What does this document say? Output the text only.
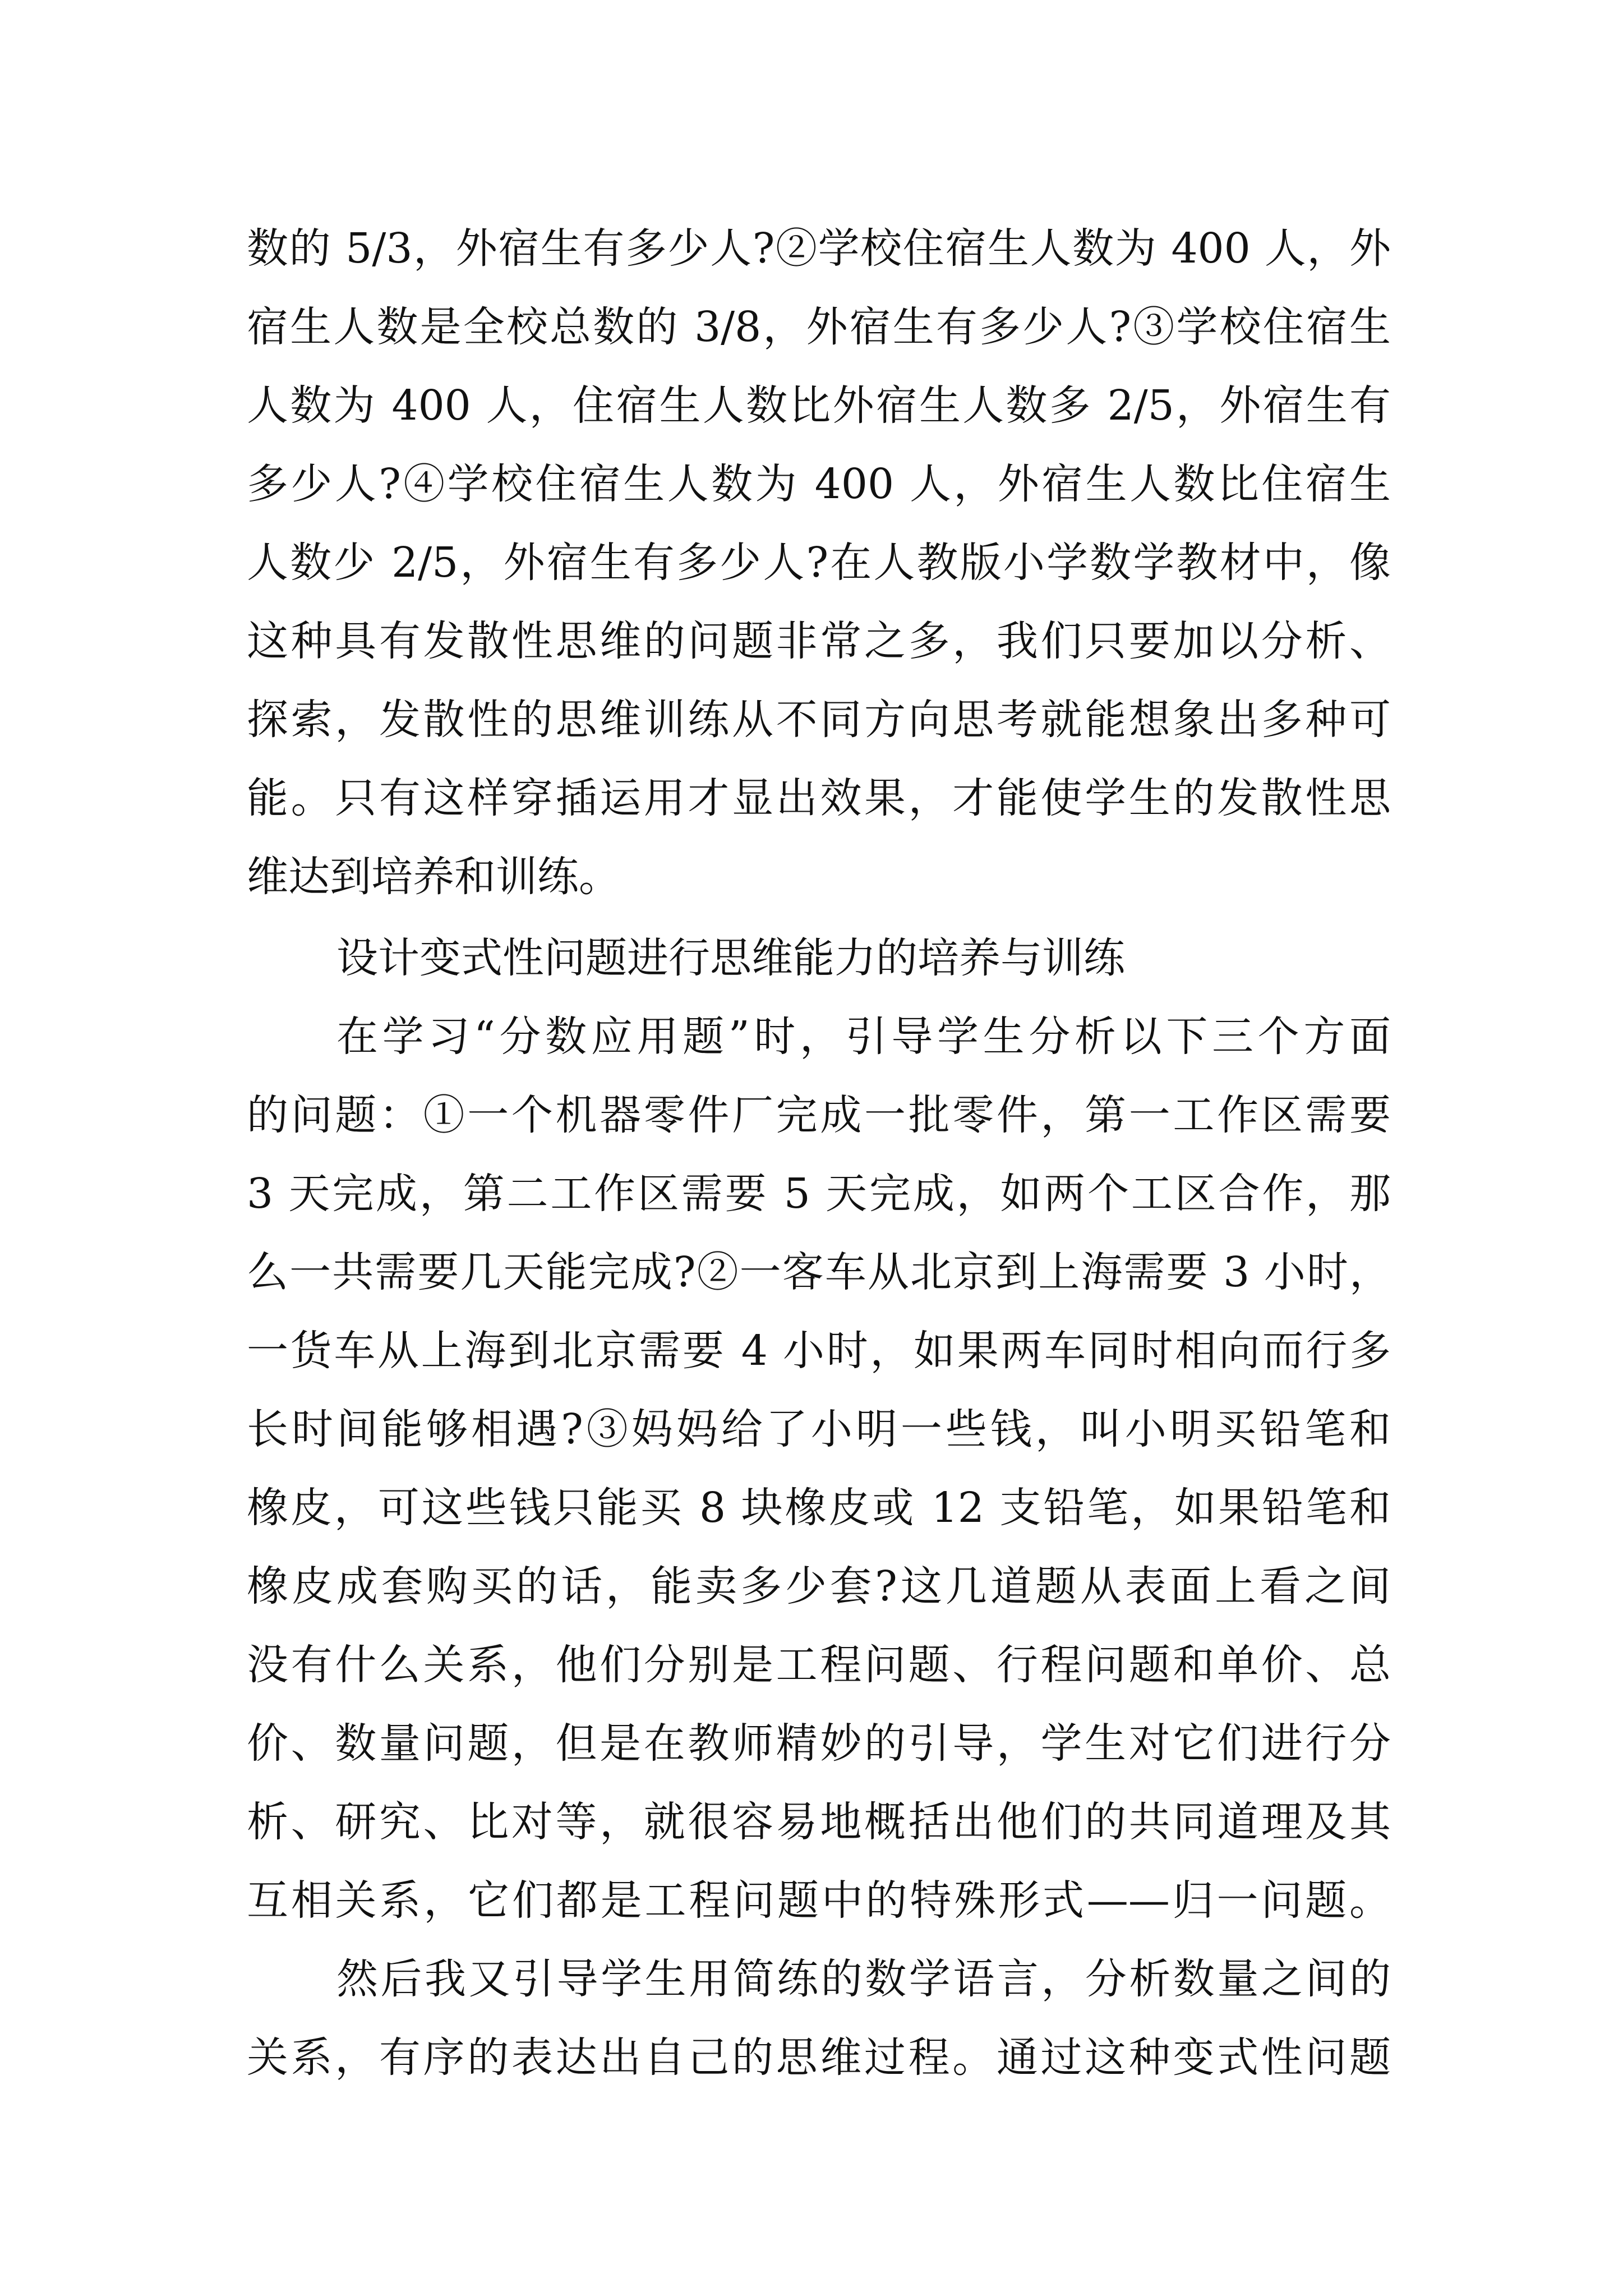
数的 5/3，外宿生有多少人?②学校住宿生人数为 400 人，外
宿生人数是全校总数的 3/8，外宿生有多少人?③学校住宿生
人数为 400 人，住宿生人数比外宿生人数多 2/5，外宿生有
多少人?④学校住宿生人数为 400 人，外宿生人数比住宿生
人数少 2/5，外宿生有多少人?在人教版小学数学教材中，像
这种具有发散性思维的问题非常之多，我们只要加以分析、
探索，发散性的思维训练从不同方向思考就能想象出多种可
能。只有这样穿插运用才显出效果，才能使学生的发散性思
维达到培养和训练。
设计变式性问题进行思维能力的培养与训练
在学习“分数应用题”时，引导学生分析以下三个方面
的问题：①一个机器零件厂完成一批零件，第一工作区需要
3 天完成，第二工作区需要 5 天完成，如两个工区合作，那
么一共需要几天能完成?②一客车从北京到上海需要 3 小时，
一货车从上海到北京需要 4 小时，如果两车同时相向而行多
长时间能够相遇?③妈妈给了小明一些钱，叫小明买铅笔和
橡皮，可这些钱只能买 8 块橡皮或 12 支铅笔，如果铅笔和
橡皮成套购买的话，能卖多少套?这几道题从表面上看之间
没有什么关系，他们分别是工程问题、行程问题和单价、总
价、数量问题，但是在教师精妙的引导，学生对它们进行分
析、研究、比对等，就很容易地概括出他们的共同道理及其
互相关系，它们都是工程问题中的特殊形式——归一问题。
然后我又引导学生用简练的数学语言，分析数量之间的
关系，有序的表达出自己的思维过程。通过这种变式性问题
